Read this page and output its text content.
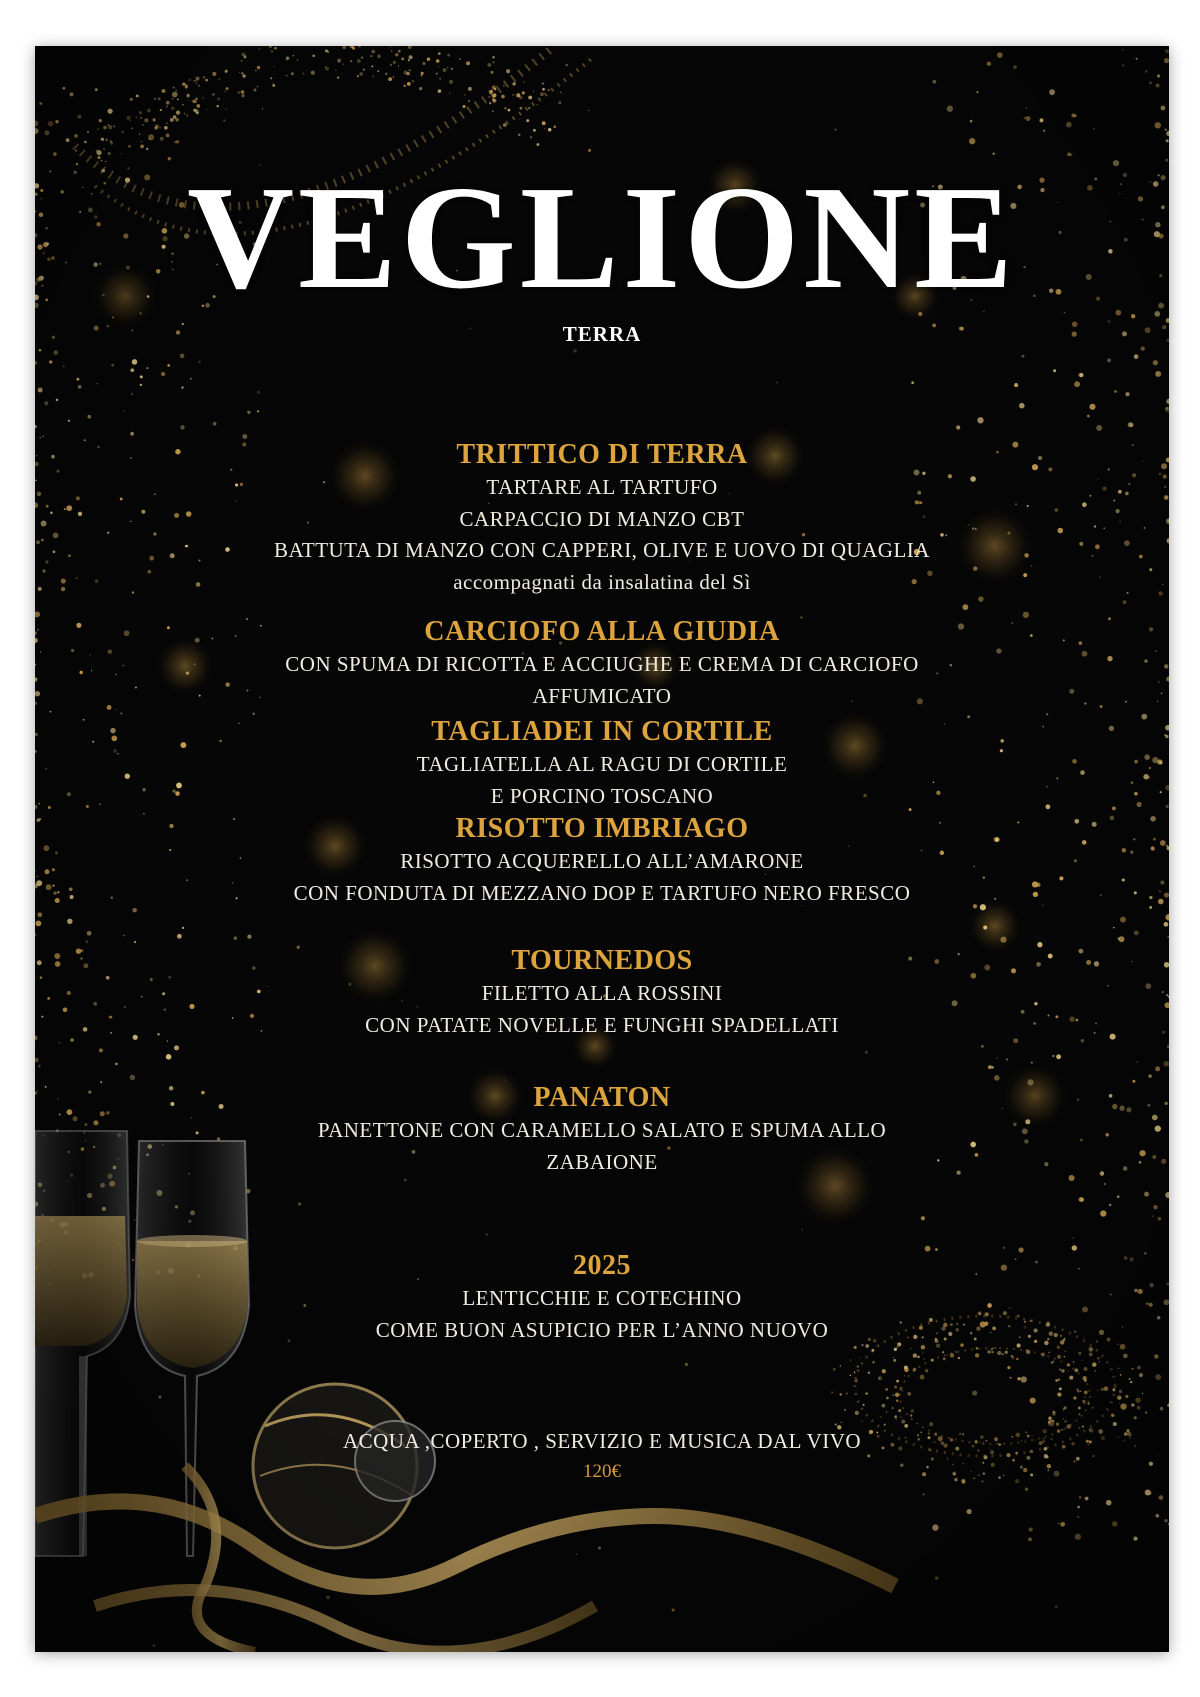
VEGLIONE
TERRA
TRITTICO DI TERRA
TARTARE AL TARTUFO
CARPACCIO DI MANZO CBT
BATTUTA DI MANZO CON CAPPERI, OLIVE E UOVO DI QUAGLIA
accompagnati da insalatina del Sì
CARCIOFO ALLA GIUDIA
CON SPUMA DI RICOTTA E ACCIUGHE E CREMA DI CARCIOFO
AFFUMICATO
TAGLIADEI IN CORTILE
TAGLIATELLA AL RAGU DI CORTILE
E PORCINO TOSCANO
RISOTTO IMBRIAGO
RISOTTO ACQUERELLO ALL’AMARONE
CON FONDUTA DI MEZZANO DOP E TARTUFO NERO FRESCO
TOURNEDOS
FILETTO ALLA ROSSINI
CON PATATE NOVELLE E FUNGHI SPADELLATI
PANATON
PANETTONE CON CARAMELLO SALATO E SPUMA ALLO
ZABAIONE
2025
LENTICCHIE E COTECHINO
COME BUON ASUPICIO PER L’ANNO NUOVO
ACQUA ,COPERTO , SERVIZIO E MUSICA DAL VIVO
120€
